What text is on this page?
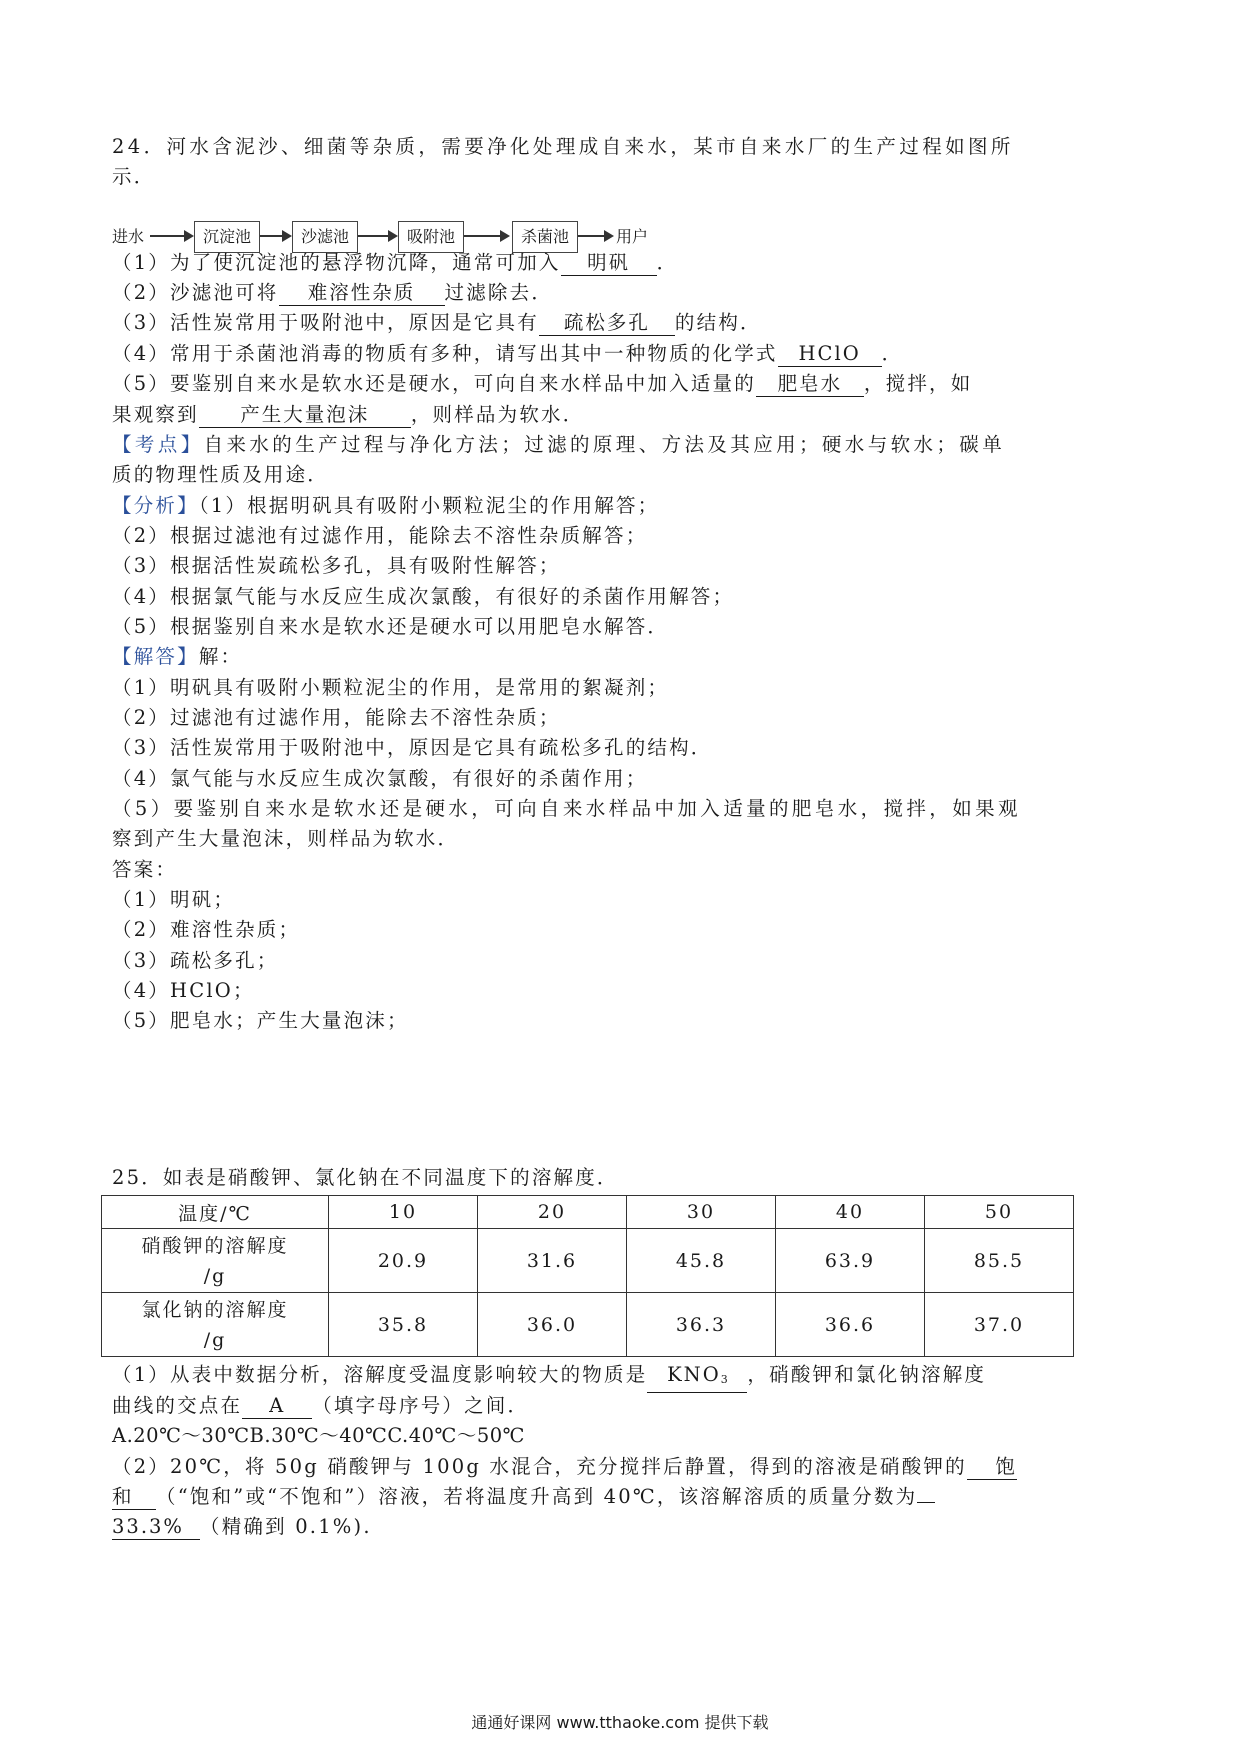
24．河水含泥沙、细菌等杂质，需要净化处理成自来水，某市自来水厂的生产过程如图所
示．
进水	沉淀池	沙滤池	吸附池	杀菌池	用户
（1）为了使沉淀池的悬浮物沉降，通常可加入 明矾 ．
（2）沙滤池可将 难溶性杂质 过滤除去．
（3）活性炭常用于吸附池中，原因是它具有 疏松多孔 的结构．
（4）常用于杀菌池消毒的物质有多种，请写出其中一种物质的化学式 HClO ．
（5）要鉴别自来水是软水还是硬水，可向自来水样品中加入适量的 肥皂水 ，搅拌，如
果观察到 产生大量泡沫 ，则样品为软水．
【考点】自来水的生产过程与净化方法；过滤的原理、方法及其应用；硬水与软水；碳单
质的物理性质及用途．
【分析】（1）根据明矾具有吸附小颗粒泥尘的作用解答；
（2）根据过滤池有过滤作用，能除去不溶性杂质解答；
（3）根据活性炭疏松多孔，具有吸附性解答；
（4）根据氯气能与水反应生成次氯酸，有很好的杀菌作用解答；
（5）根据鉴别自来水是软水还是硬水可以用肥皂水解答．
【解答】解：
（1）明矾具有吸附小颗粒泥尘的作用，是常用的絮凝剂；
（2）过滤池有过滤作用，能除去不溶性杂质；
（3）活性炭常用于吸附池中，原因是它具有疏松多孔的结构．
（4）氯气能与水反应生成次氯酸，有很好的杀菌作用；
（5）要鉴别自来水是软水还是硬水，可向自来水样品中加入适量的肥皂水，搅拌，如果观
察到产生大量泡沫，则样品为软水．
答案：
（1）明矾；
（2）难溶性杂质；
（3）疏松多孔；
（4）HClO；
（5）肥皂水；产生大量泡沫；
25．如表是硝酸钾、氯化钠在不同温度下的溶解度．
温度/℃	10	20	30	40	50

硝酸钾的溶解度
/g	20.9	31.6	45.8	63.9	85.5

氯化钠的溶解度
/g	35.8	36.0	36.3	36.6	37.0
（1）从表中数据分析，溶解度受温度影响较大的物质是 $KNO_3$ ，硝酸钾和氯化钠溶解度
曲线的交点在 A （填字母序号）之间．
A.20℃～30℃B.30℃～40℃C.40℃～50℃
（2）20℃，将 50g 硝酸钾与 100g 水混合，充分搅拌后静置，得到的溶液是硝酸钾的 饱
和 （“饱和”或“不饱和”）溶液，若将温度升高到 40℃，该溶解溶质的质量分数为
33.3% （精确到 0.1%).
通通好课网 www.tthaoke.com 提供下载
